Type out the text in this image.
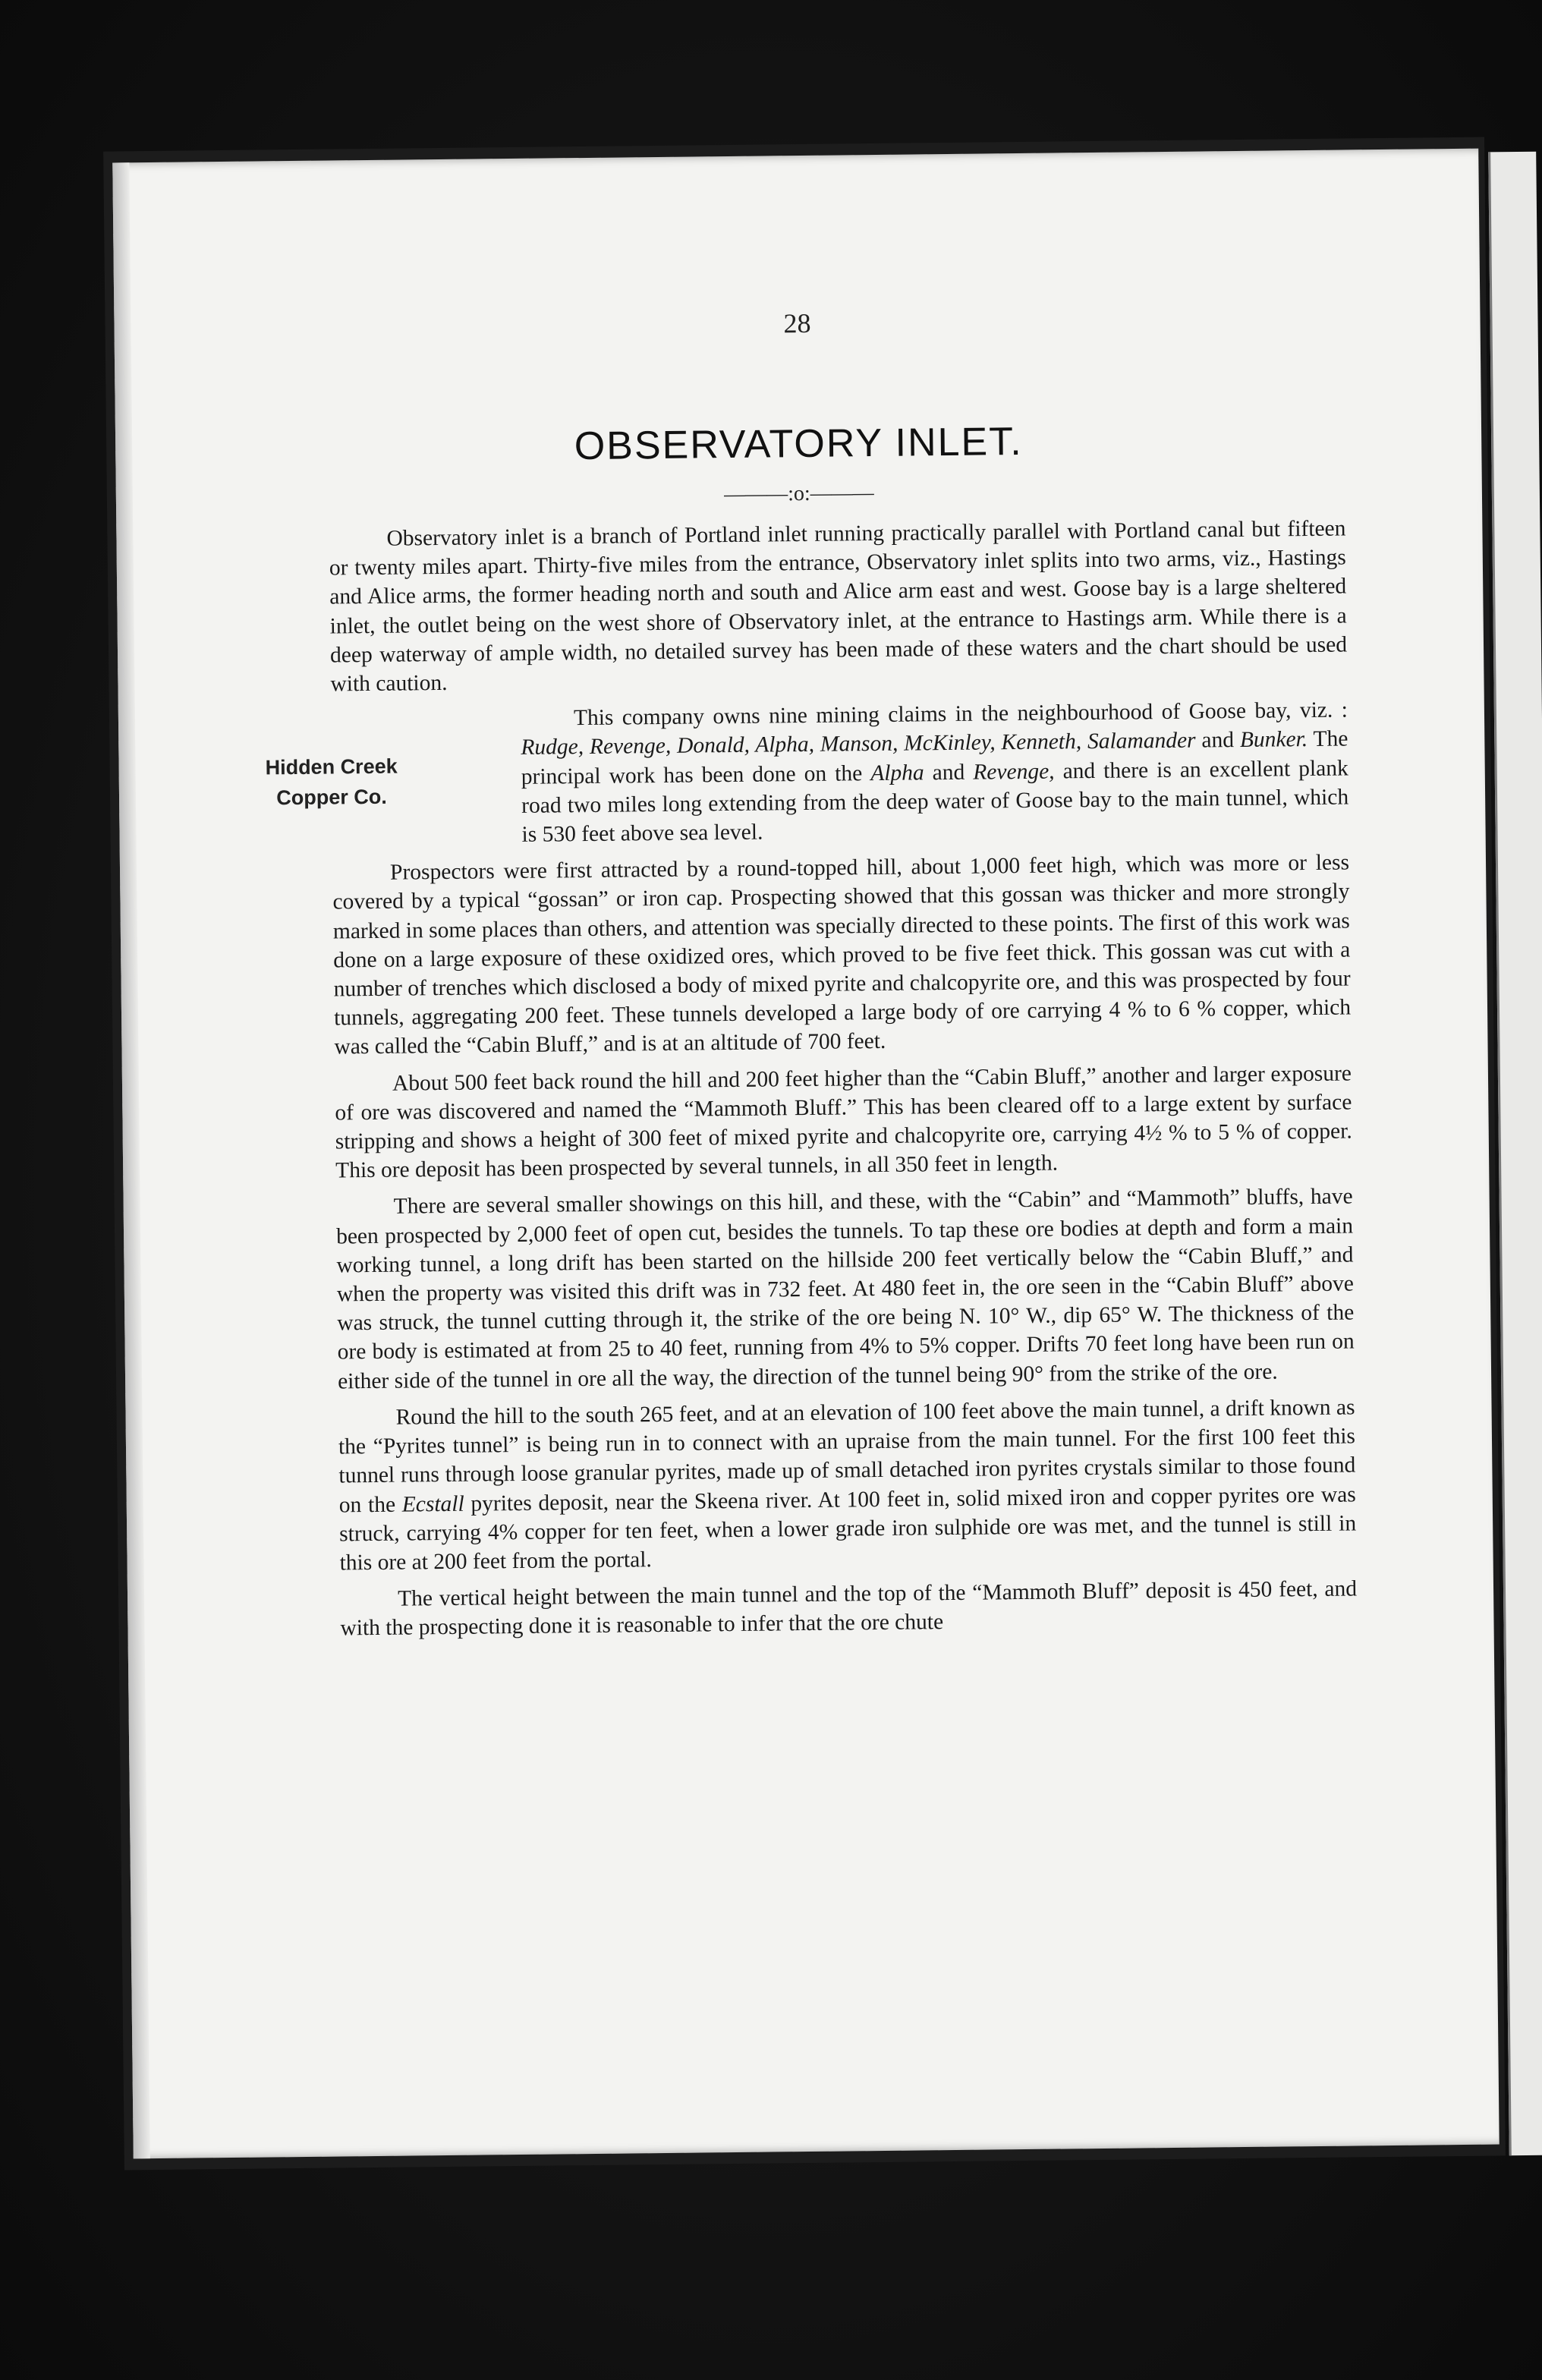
28
OBSERVATORY INLET.
———:o:———

Observatory inlet is a branch of Portland inlet running practically parallel with Portland canal but fifteen or twenty miles apart. Thirty-five miles from the entrance, Observatory inlet splits into two arms, viz., Hastings and Alice arms, the former heading north and south and Alice arm east and west. Goose bay is a large sheltered inlet, the outlet being on the west shore of Observatory inlet, at the entrance to Hastings arm. While there is a deep waterway of ample width, no detailed survey has been made of these waters and the chart should be used with caution.

Hidden Creek
Copper Co.

This company owns nine mining claims in the neighbourhood of Goose bay, viz. : Rudge, Revenge, Donald, Alpha, Manson, McKinley, Kenneth, Salamander and Bunker. The principal work has been done on the Alpha and Revenge, and there is an excellent plank road two miles long extending from the deep water of Goose bay to the main tunnel, which is 530 feet above sea level.

Prospectors were first attracted by a round-topped hill, about 1,000 feet high, which was more or less covered by a typical “gossan” or iron cap. Prospecting showed that this gossan was thicker and more strongly marked in some places than others, and attention was specially directed to these points. The first of this work was done on a large exposure of these oxidized ores, which proved to be five feet thick. This gossan was cut with a number of trenches which disclosed a body of mixed pyrite and chalcopyrite ore, and this was prospected by four tunnels, aggregating 200 feet. These tunnels developed a large body of ore carrying 4 % to 6 % copper, which was called the “Cabin Bluff,” and is at an altitude of 700 feet.

About 500 feet back round the hill and 200 feet higher than the “Cabin Bluff,” another and larger exposure of ore was discovered and named the “Mammoth Bluff.” This has been cleared off to a large extent by surface stripping and shows a height of 300 feet of mixed pyrite and chalcopyrite ore, carrying 4½ % to 5 % of copper. This ore deposit has been prospected by several tunnels, in all 350 feet in length.

There are several smaller showings on this hill, and these, with the “Cabin” and “Mammoth” bluffs, have been prospected by 2,000 feet of open cut, besides the tunnels. To tap these ore bodies at depth and form a main working tunnel, a long drift has been started on the hillside 200 feet vertically below the “Cabin Bluff,” and when the property was visited this drift was in 732 feet. At 480 feet in, the ore seen in the “Cabin Bluff” above was struck, the tunnel cutting through it, the strike of the ore being N. 10° W., dip 65° W. The thickness of the ore body is estimated at from 25 to 40 feet, running from 4% to 5% copper. Drifts 70 feet long have been run on either side of the tunnel in ore all the way, the direction of the tunnel being 90° from the strike of the ore.

Round the hill to the south 265 feet, and at an elevation of 100 feet above the main tunnel, a drift known as the “Pyrites tunnel” is being run in to connect with an upraise from the main tunnel. For the first 100 feet this tunnel runs through loose granular pyrites, made up of small detached iron pyrites crystals similar to those found on the Ecstall pyrites deposit, near the Skeena river. At 100 feet in, solid mixed iron and copper pyrites ore was struck, carrying 4% copper for ten feet, when a lower grade iron sulphide ore was met, and the tunnel is still in this ore at 200 feet from the portal.

The vertical height between the main tunnel and the top of the “Mammoth Bluff” deposit is 450 feet, and with the prospecting done it is reasonable to infer that the ore chute
